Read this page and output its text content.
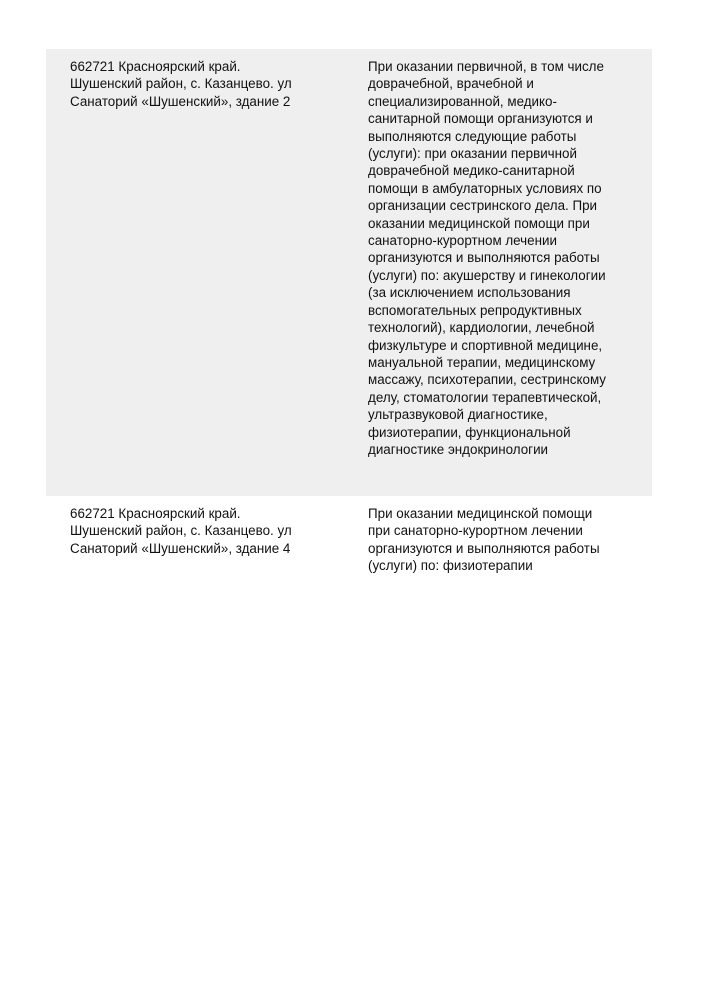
662721 Красноярский край.
Шушенский район, с. Казанцево. ул
Санаторий «Шушенский», здание 2
При оказании первичной, в том числе
доврачебной, врачебной и
специализированной, медико-
санитарной помощи организуются и
выполняются следующие работы
(услуги): при оказании первичной
доврачебной медико-санитарной
помощи в амбулаторных условиях по
организации сестринского дела. При
оказании медицинской помощи при
санаторно-курортном лечении
организуются и выполняются работы
(услуги) по: акушерству и гинекологии
(за исключением использования
вспомогательных репродуктивных
технологий), кардиологии, лечебной
физкультуре и спортивной медицине,
мануальной терапии, медицинскому
массажу, психотерапии, сестринскому
делу, стоматологии терапевтической,
ультразвуковой диагностике,
физиотерапии, функциональной
диагностике эндокринологии
662721 Красноярский край.
Шушенский район, с. Казанцево. ул
Санаторий «Шушенский», здание 4
При оказании медицинской помощи
при санаторно-курортном лечении
организуются и выполняются работы
(услуги) по: физиотерапии
